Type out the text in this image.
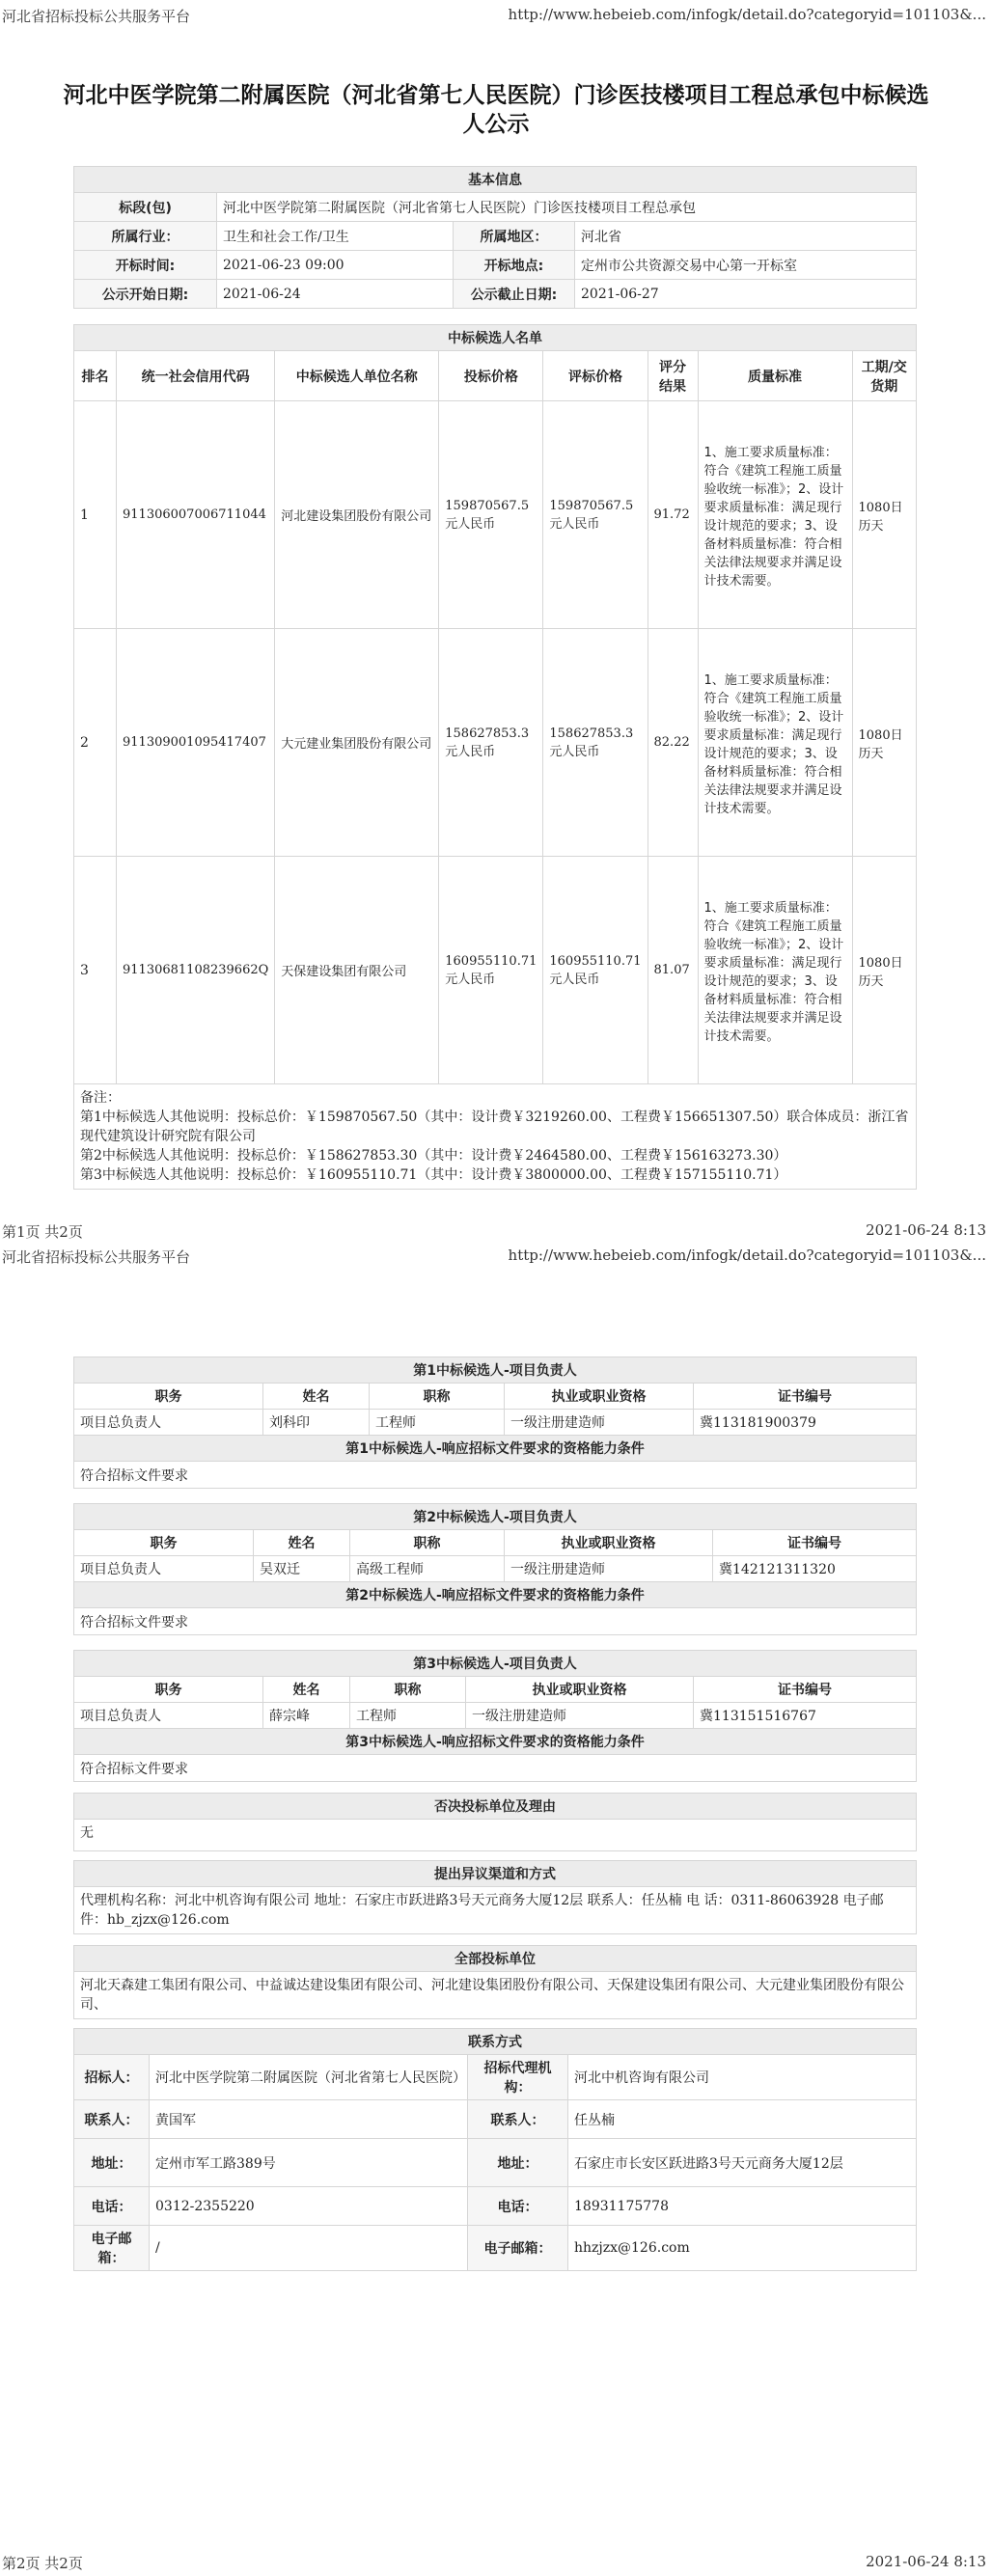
河北省招标投标公共服务平台	http://www.hebeieb.com/infogk/detail.do?categoryid=101103&...
河北中医学院第二附属医院（河北省第七人民医院）门诊医技楼项目工程总承包中标候选人公示
基本信息			
标段(包)	河北中医学院第二附属医院（河北省第七人民医院）门诊医技楼项目工程总承包		
所属行业：	卫生和社会工作/卫生	所属地区：	河北省
开标时间:	2021-06-23 09:00	开标地点:	定州市公共资源交易中心第一开标室
公示开始日期:	2021-06-24	公示截止日期:	2021-06-27
中标候选人名单							
排名	统一社会信用代码	中标候选人单位名称	投标价格	评标价格	评分结果	质量标准	工期/交货期
1	911306007006711044	河北建设集团股份有限公司	159870567.5元人民币	159870567.5元人民币	91.72	1、施工要求质量标准：符合《建筑工程施工质量验收统一标准》；2、设计要求质量标准：满足现行设计规范的要求；3、设备材料质量标准：符合相关法律法规要求并满足设计技术需要。	1080日历天
2	911309001095417407	大元建业集团股份有限公司	158627853.3元人民币	158627853.3元人民币	82.22	1、施工要求质量标准：符合《建筑工程施工质量验收统一标准》；2、设计要求质量标准：满足现行设计规范的要求；3、设备材料质量标准：符合相关法律法规要求并满足设计技术需要。	1080日历天
3	91130681108239662Q	天保建设集团有限公司	160955110.71元人民币	160955110.71元人民币	81.07	1、施工要求质量标准：符合《建筑工程施工质量验收统一标准》；2、设计要求质量标准：满足现行设计规范的要求；3、设备材料质量标准：符合相关法律法规要求并满足设计技术需要。	1080日历天
备注：
第1中标候选人其他说明：投标总价：￥159870567.50（其中：设计费￥3219260.00、工程费￥156651307.50）联合体成员：浙江省现代建筑设计研究院有限公司
第2中标候选人其他说明：投标总价：￥158627853.30（其中：设计费￥2464580.00、工程费￥156163273.30）
第3中标候选人其他说明：投标总价：￥160955110.71（其中：设计费￥3800000.00、工程费￥157155110.71）
第1页 共2页	2021-06-24 8:13
河北省招标投标公共服务平台	http://www.hebeieb.com/infogk/detail.do?categoryid=101103&...
第1中标候选人-项目负责人				
职务	姓名	职称	执业或职业资格	证书编号
项目总负责人	刘科印	工程师	一级注册建造师	冀113181900379
第1中标候选人-响应招标文件要求的资格能力条件				
符合招标文件要求				
第2中标候选人-项目负责人				
职务	姓名	职称	执业或职业资格	证书编号
项目总负责人	吴双迁	高级工程师	一级注册建造师	冀142121311320
第2中标候选人-响应招标文件要求的资格能力条件				
符合招标文件要求				
第3中标候选人-项目负责人				
职务	姓名	职称	执业或职业资格	证书编号
项目总负责人	薛宗峰	工程师	一级注册建造师	冀113151516767
第3中标候选人-响应招标文件要求的资格能力条件				
符合招标文件要求				
否决投标单位及理由
无
提出异议渠道和方式
代理机构名称：河北中机咨询有限公司 地址：石家庄市跃进路3号天元商务大厦12层 联系人：任丛楠 电 话：0311-86063928 电子邮件：hb_zjzx@126.com
全部投标单位
河北天森建工集团有限公司、中益诚达建设集团有限公司、河北建设集团股份有限公司、天保建设集团有限公司、大元建业集团股份有限公司、
联系方式			
招标人：	河北中医学院第二附属医院（河北省第七人民医院）	招标代理机构：	河北中机咨询有限公司
联系人：	黄国军	联系人：	任丛楠
地址：	定州市军工路389号	地址：	石家庄市长安区跃进路3号天元商务大厦12层
电话：	0312-2355220	电话：	18931175778
电子邮箱：	/	电子邮箱：	hhzjzx@126.com
第2页 共2页	2021-06-24 8:13
